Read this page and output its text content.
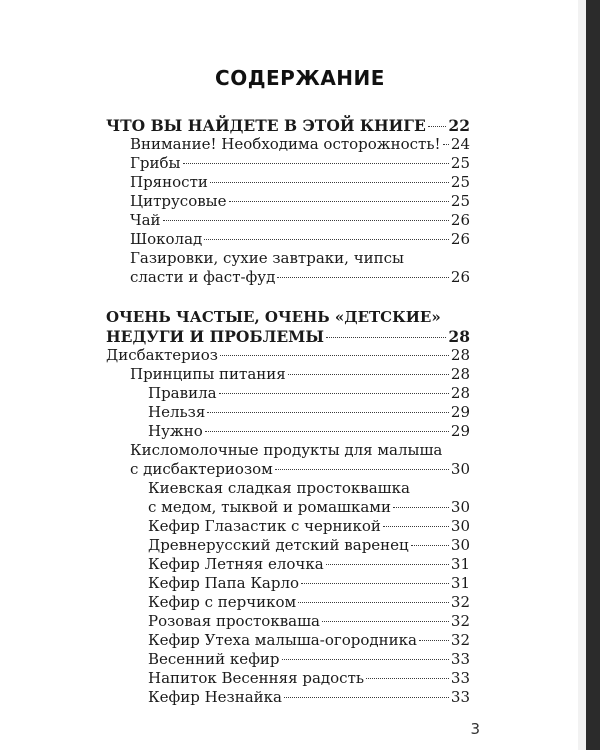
СОДЕРЖАНИЕ
ЧТО ВЫ НАЙДЕТЕ В ЭТОЙ КНИГЕ 22
Внимание! Необходима осторожность! 24
Грибы	25
Пряности	25
Цитрусовые	25
Чай	26
Шоколад	26
Газировки, сухие завтраки, чипсы
сласти и фаст-фуд	26
ОЧЕНЬ ЧАСТЫЕ, ОЧЕНЬ «ДЕТСКИЕ»
НЕДУГИ И ПРОБЛЕМЫ	28
Дисбактериоз	28
Принципы питания	28
Правила	28
Нельзя	29
Нужно	29
Кисломолочные продукты для малыша
с дисбактериозом	30
Киевская сладкая простоквашка
с медом, тыквой и ромашками	30
Кефир Глазастик с черникой	30
Древнерусский детский варенец	30
Кефир Летняя елочка	31
Кефир Папа Карло	31
Кефир с перчиком	32
Розовая простокваша	32
Кефир Утеха малыша-огородника 32
Весенний кефир	33
Напиток Весенняя радость	33
Кефир Незнайка	33
3
